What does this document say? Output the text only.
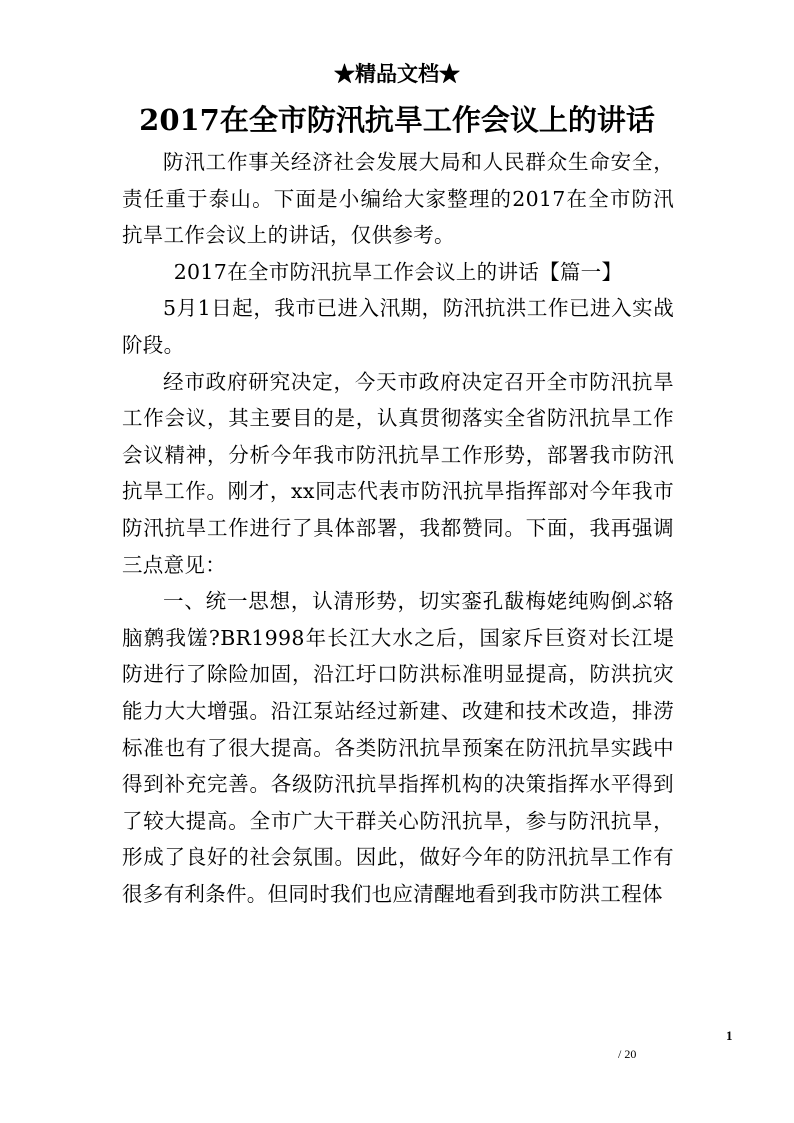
★精品文档★
2017在全市防汛抗旱工作会议上的讲话

防汛工作事关经济社会发展大局和人民群众生命安全，责任重于泰山。下面是小编给大家整理的2017在全市防汛抗旱工作会议上的讲话，仅供参考。

2017在全市防汛抗旱工作会议上的讲话【篇一】

5月1日起，我市已进入汛期，防汛抗洪工作已进入实战阶段。

经市政府研究决定，今天市政府决定召开全市防汛抗旱工作会议，其主要目的是，认真贯彻落实全省防汛抗旱工作会议精神，分析今年我市防汛抗旱工作形势，部署我市防汛抗旱工作。刚才，xx同志代表市防汛抗旱指挥部对今年我市防汛抗旱工作进行了具体部署，我都赞同。下面，我再强调三点意见：

一、统一思想，认清形势，切实銮孔馛梅姥纯购倒ぶ辂脑鹩我馐?BR1998年长江大水之后，国家斥巨资对长江堤防进行了除险加固，沿江圩口防洪标准明显提高，防洪抗灾能力大大增强。沿江泵站经过新建、改建和技术改造，排涝标准也有了很大提高。各类防汛抗旱预案在防汛抗旱实践中得到补充完善。各级防汛抗旱指挥机构的决策指挥水平得到了较大提高。全市广大干群关心防汛抗旱，参与防汛抗旱，形成了良好的社会氛围。因此，做好今年的防汛抗旱工作有很多有利条件。但同时我们也应清醒地看到我市防洪工程体

1
/ 20
